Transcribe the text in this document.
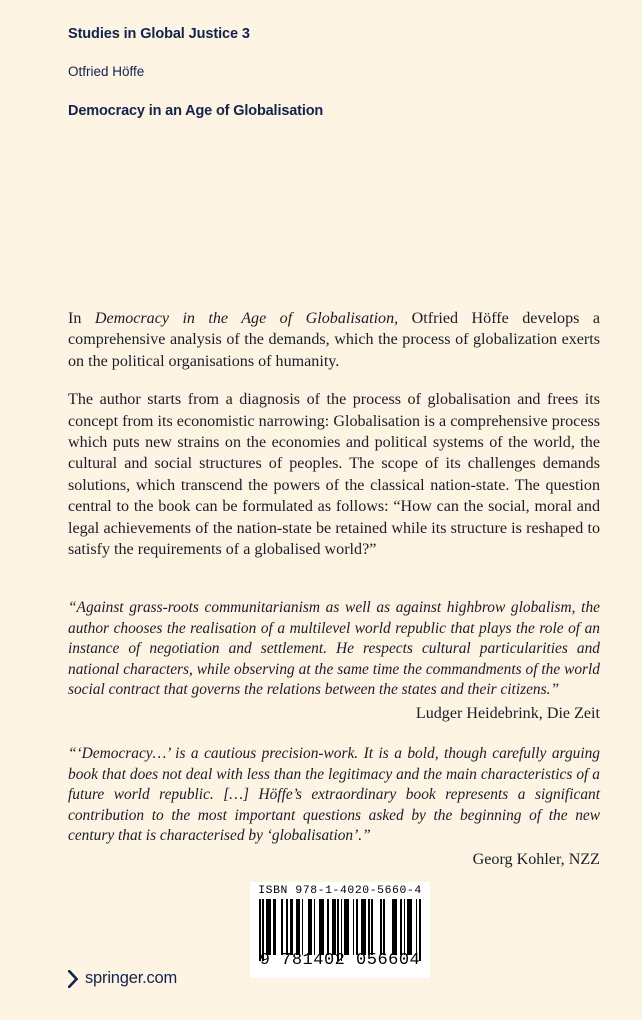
Studies in Global Justice 3
Otfried Höffe
Democracy in an Age of Globalisation

In Democracy in the Age of Globalisation, Otfried Höffe develops a comprehensive analysis of the demands, which the process of globalization exerts on the political organisations of humanity.

The author starts from a diagnosis of the process of globalisation and frees its concept from its economistic narrowing: Globalisation is a comprehensive process which puts new strains on the economies and political systems of the world, the cultural and social structures of peoples. The scope of its challenges demands solutions, which transcend the powers of the classical nation-state. The question central to the book can be formulated as follows: “How can the social, moral and legal achievements of the nation-state be retained while its structure is reshaped to satisfy the requirements of a globalised world?”

“Against grass-roots communitarianism as well as against highbrow globalism, the author chooses the realisation of a multilevel world republic that plays the role of an instance of negotiation and settlement. He respects cultural particularities and national characters, while observing at the same time the commandments of the world social contract that governs the relations between the states and their citizens.”

Ludger Heidebrink, Die Zeit

“‘Democracy…’ is a cautious precision-work. It is a bold, though carefully arguing book that does not deal with less than the legitimacy and the main characteristics of a future world republic. […] Höffe’s extraordinary book represents a significant contribution to the most important questions asked by the beginning of the new century that is characterised by ‘globalisation’.”

Georg Kohler, NZZ

ISBN 978-1-4020-5660-4
9 781402 056604
springer.com
